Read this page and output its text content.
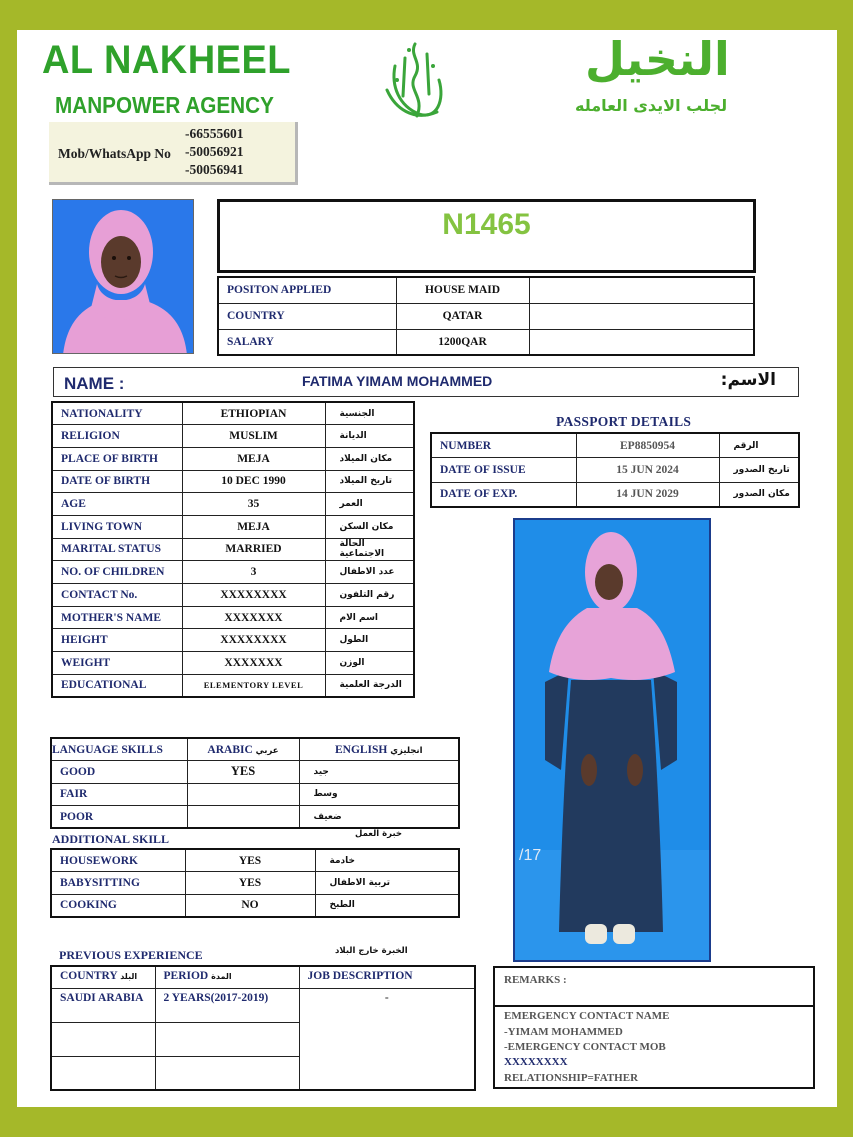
AL NAKHEEL
MANPOWER AGENCY
Mob/WhatsApp No
-66555601
-50056921
-50056941
النخيل
لجلب الايدى العامله
N1465
POSITON APPLIED	HOUSE MAID	
COUNTRY	QATAR	
SALARY	1200QAR	
NAME :	FATIMA YIMAM MOHAMMED	الاسم:
NATIONALITY	ETHIOPIAN	الجنسية
RELIGION	MUSLIM	الديانة
PLACE OF BIRTH	MEJA	مكان الميلاد
DATE OF BIRTH	10 DEC 1990	تاريخ الميلاد
AGE	35	العمر
LIVING TOWN	MEJA	مكان السكن
MARITAL STATUS	MARRIED	الحالة الاجتماعية
NO. OF CHILDREN	3	عدد الاطفال
CONTACT No.	XXXXXXXX	رقم التلفون
MOTHER'S NAME	XXXXXXX	اسم الام
HEIGHT	XXXXXXXX	الطول
WEIGHT	XXXXXXX	الوزن
EDUCATIONAL	ELEMENTORY LEVEL	الدرجة العلمية
PASSPORT DETAILS
NUMBER	EP8850954	الرقم
DATE OF ISSUE	15 JUN 2024	تاريخ الصدور
DATE OF EXP.	14 JUN 2029	مكان الصدور
/17
LANGUAGE SKILLS	ARABIC عربي	ENGLISH انجليزي
GOOD	YES	جيد
FAIR		وسط
POOR		ضعيف
ADDITIONAL SKILL	خبرة العمل
HOUSEWORK	YES	خادمة
BABYSITTING	YES	تربية الاطفال
COOKING	NO	الطبخ
PREVIOUS EXPERIENCE	الخبرة خارج البلاد
COUNTRY البلد	PERIOD المدة	JOB DESCRIPTION
SAUDI ARABIA	2 YEARS(2017-2019)	-

REMARKS :
EMERGENCY CONTACT NAME
-YIMAM MOHAMMED
-EMERGENCY CONTACT MOB
XXXXXXXX
RELATIONSHIP=FATHER
